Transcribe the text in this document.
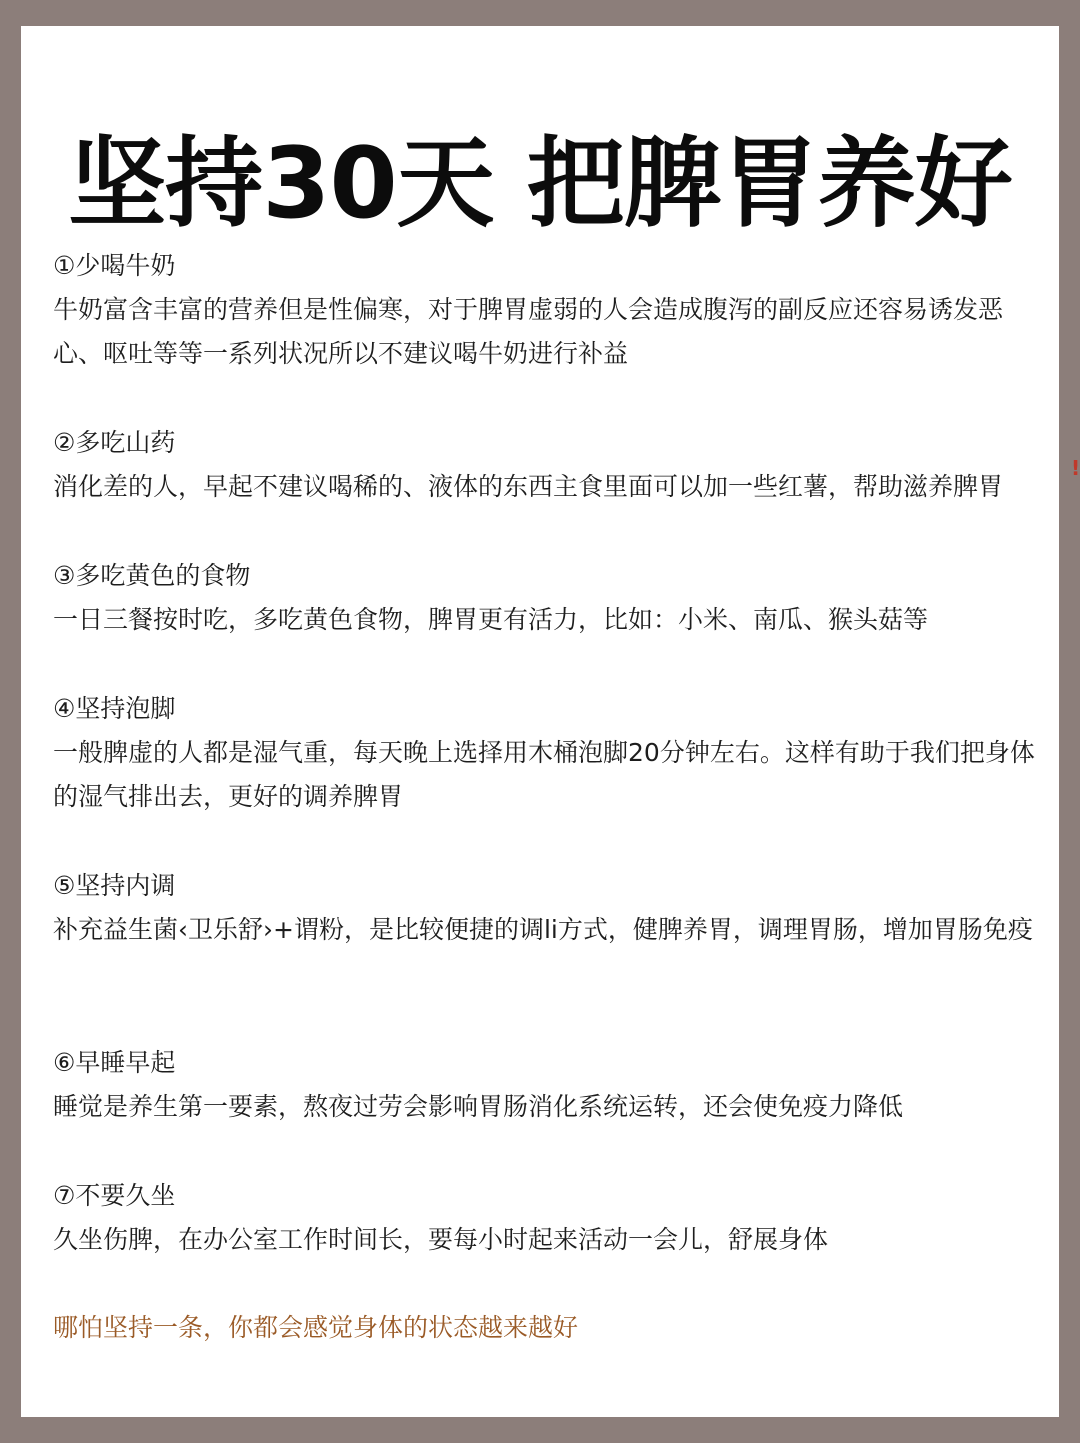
坚持30天 把脾胃养好
①少喝牛奶
牛奶富含丰富的营养但是性偏寒，对于脾胃虚弱的人会造成腹泻的副反应还容易诱发恶心、呕吐等等一系列状况所以不建议喝牛奶进行补益
②多吃山药
消化差的人，早起不建议喝稀的、液体的东西主食里面可以加一些红薯，帮助滋养脾胃
③多吃黄色的食物
一日三餐按时吃，多吃黄色食物，脾胃更有活力，比如：小米、南瓜、猴头菇等
④坚持泡脚
一般脾虚的人都是湿气重，每天晚上选择用木桶泡脚20分钟左右。这样有助于我们把身体的湿气排出去，更好的调养脾胃
⑤坚持内调
补充益生菌‹卫乐舒›+谓粉，是比较便捷的调li方式，健脾养胃，调理胃肠，增加胃肠免疫
⑥早睡早起
睡觉是养生第一要素，熬夜过劳会影响胃肠消化系统运转，还会使免疫力降低
⑦不要久坐
久坐伤脾，在办公室工作时间长，要每小时起来活动一会儿，舒展身体
哪怕坚持一条，你都会感觉身体的状态越来越好
!
